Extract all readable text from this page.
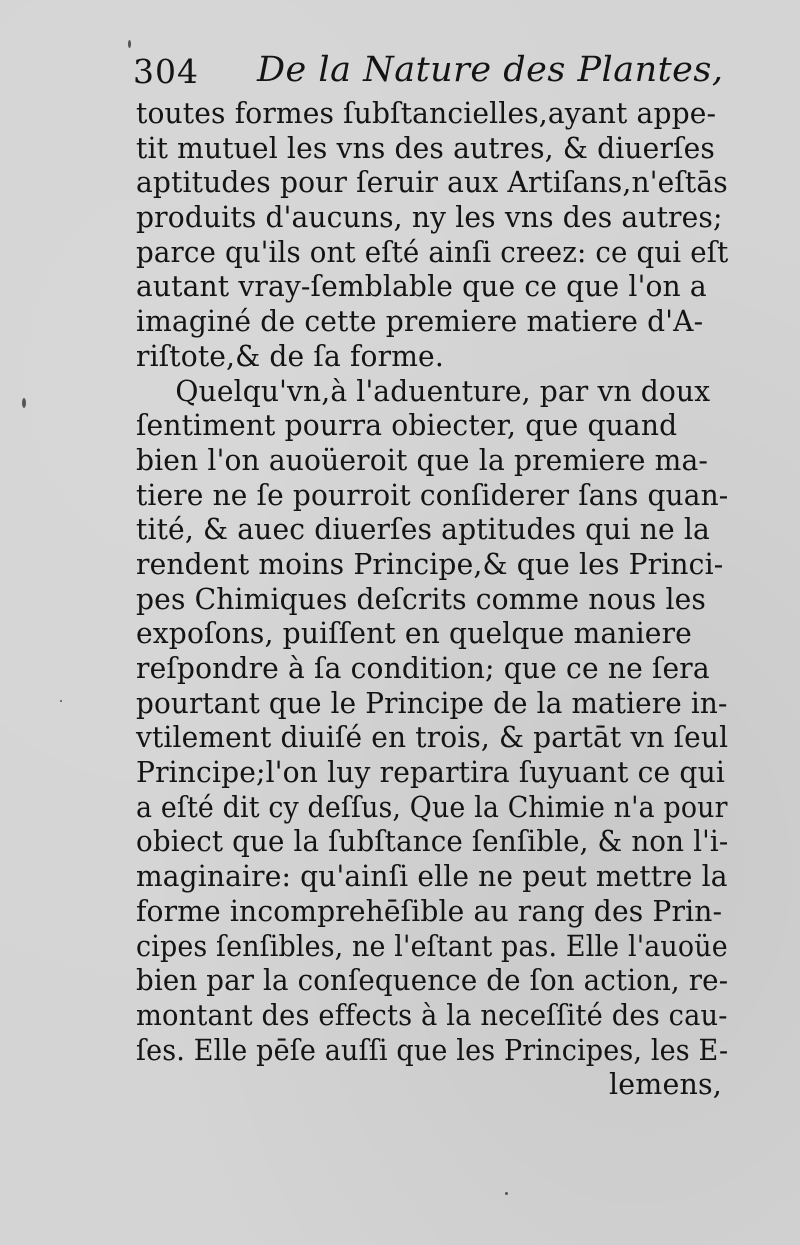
304 De la Nature des Plantes,
toutes formes ſubſtancielles,ayant appe-
tit mutuel les vns des autres, & diuerſes
aptitudes pour ſeruir aux Artiſans,n'eſtās
produits d'aucuns, ny les vns des autres;
parce qu'ils ont eſté ainſi creez: ce qui eſt
autant vray-ſemblable que ce que l'on a
imaginé de cette premiere matiere d'A-
riſtote,& de ſa forme.
Quelqu'vn,à l'aduenture, par vn doux
ſentiment pourra obiecter, que quand
bien l'on auoüeroit que la premiere ma-
tiere ne ſe pourroit conſiderer ſans quan-
tité, & auec diuerſes aptitudes qui ne la
rendent moins Principe,& que les Princi-
pes Chimiques deſcrits comme nous les
expoſons, puiſſent en quelque maniere
reſpondre à ſa condition; que ce ne ſera
pourtant que le Principe de la matiere in-
vtilement diuiſé en trois, & partāt vn ſeul
Principe;l'on luy repartira ſuyuant ce qui
a eſté dit cy deſſus, Que la Chimie n'a pour
obiect que la ſubſtance ſenſible, & non l'i-
maginaire: qu'ainſi elle ne peut mettre la
forme incomprehēſible au rang des Prin-
cipes ſenſibles, ne l'eſtant pas. Elle l'auoüe
bien par la conſequence de ſon action, re-
montant des effects à la neceſſité des cau-
ſes. Elle pēſe auſſi que les Principes, les E-
lemens,
